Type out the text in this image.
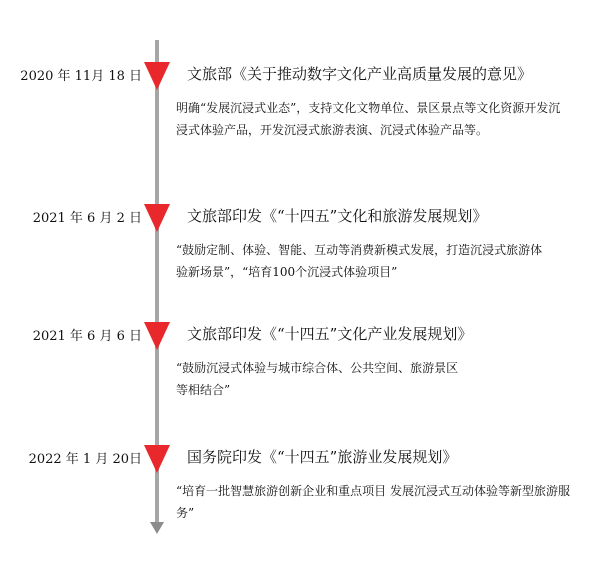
2020 年 11月 18 日	文旅部《关于推动数字文化产业高质量发展的意见》
明确“发展沉浸式业态”，支持文化文物单位、景区景点等文化资源开发沉浸式体验产品，开发沉浸式旅游表演、沉浸式体验产品等。
2021 年 6 月 2 日	文旅部印发《“十四五”文化和旅游发展规划》
“鼓励定制、体验、智能、互动等消费新模式发展，打造沉浸式旅游体验新场景”，“培育100个沉浸式体验项目”
2021 年 6 月 6 日	文旅部印发《“十四五”文化产业发展规划》
“鼓励沉浸式体验与城市综合体、公共空间、旅游景区等相结合”
2022 年 1 月 20日	国务院印发《“十四五”旅游业发展规划》
“培育一批智慧旅游创新企业和重点项目 发展沉浸式互动体验等新型旅游服务”
